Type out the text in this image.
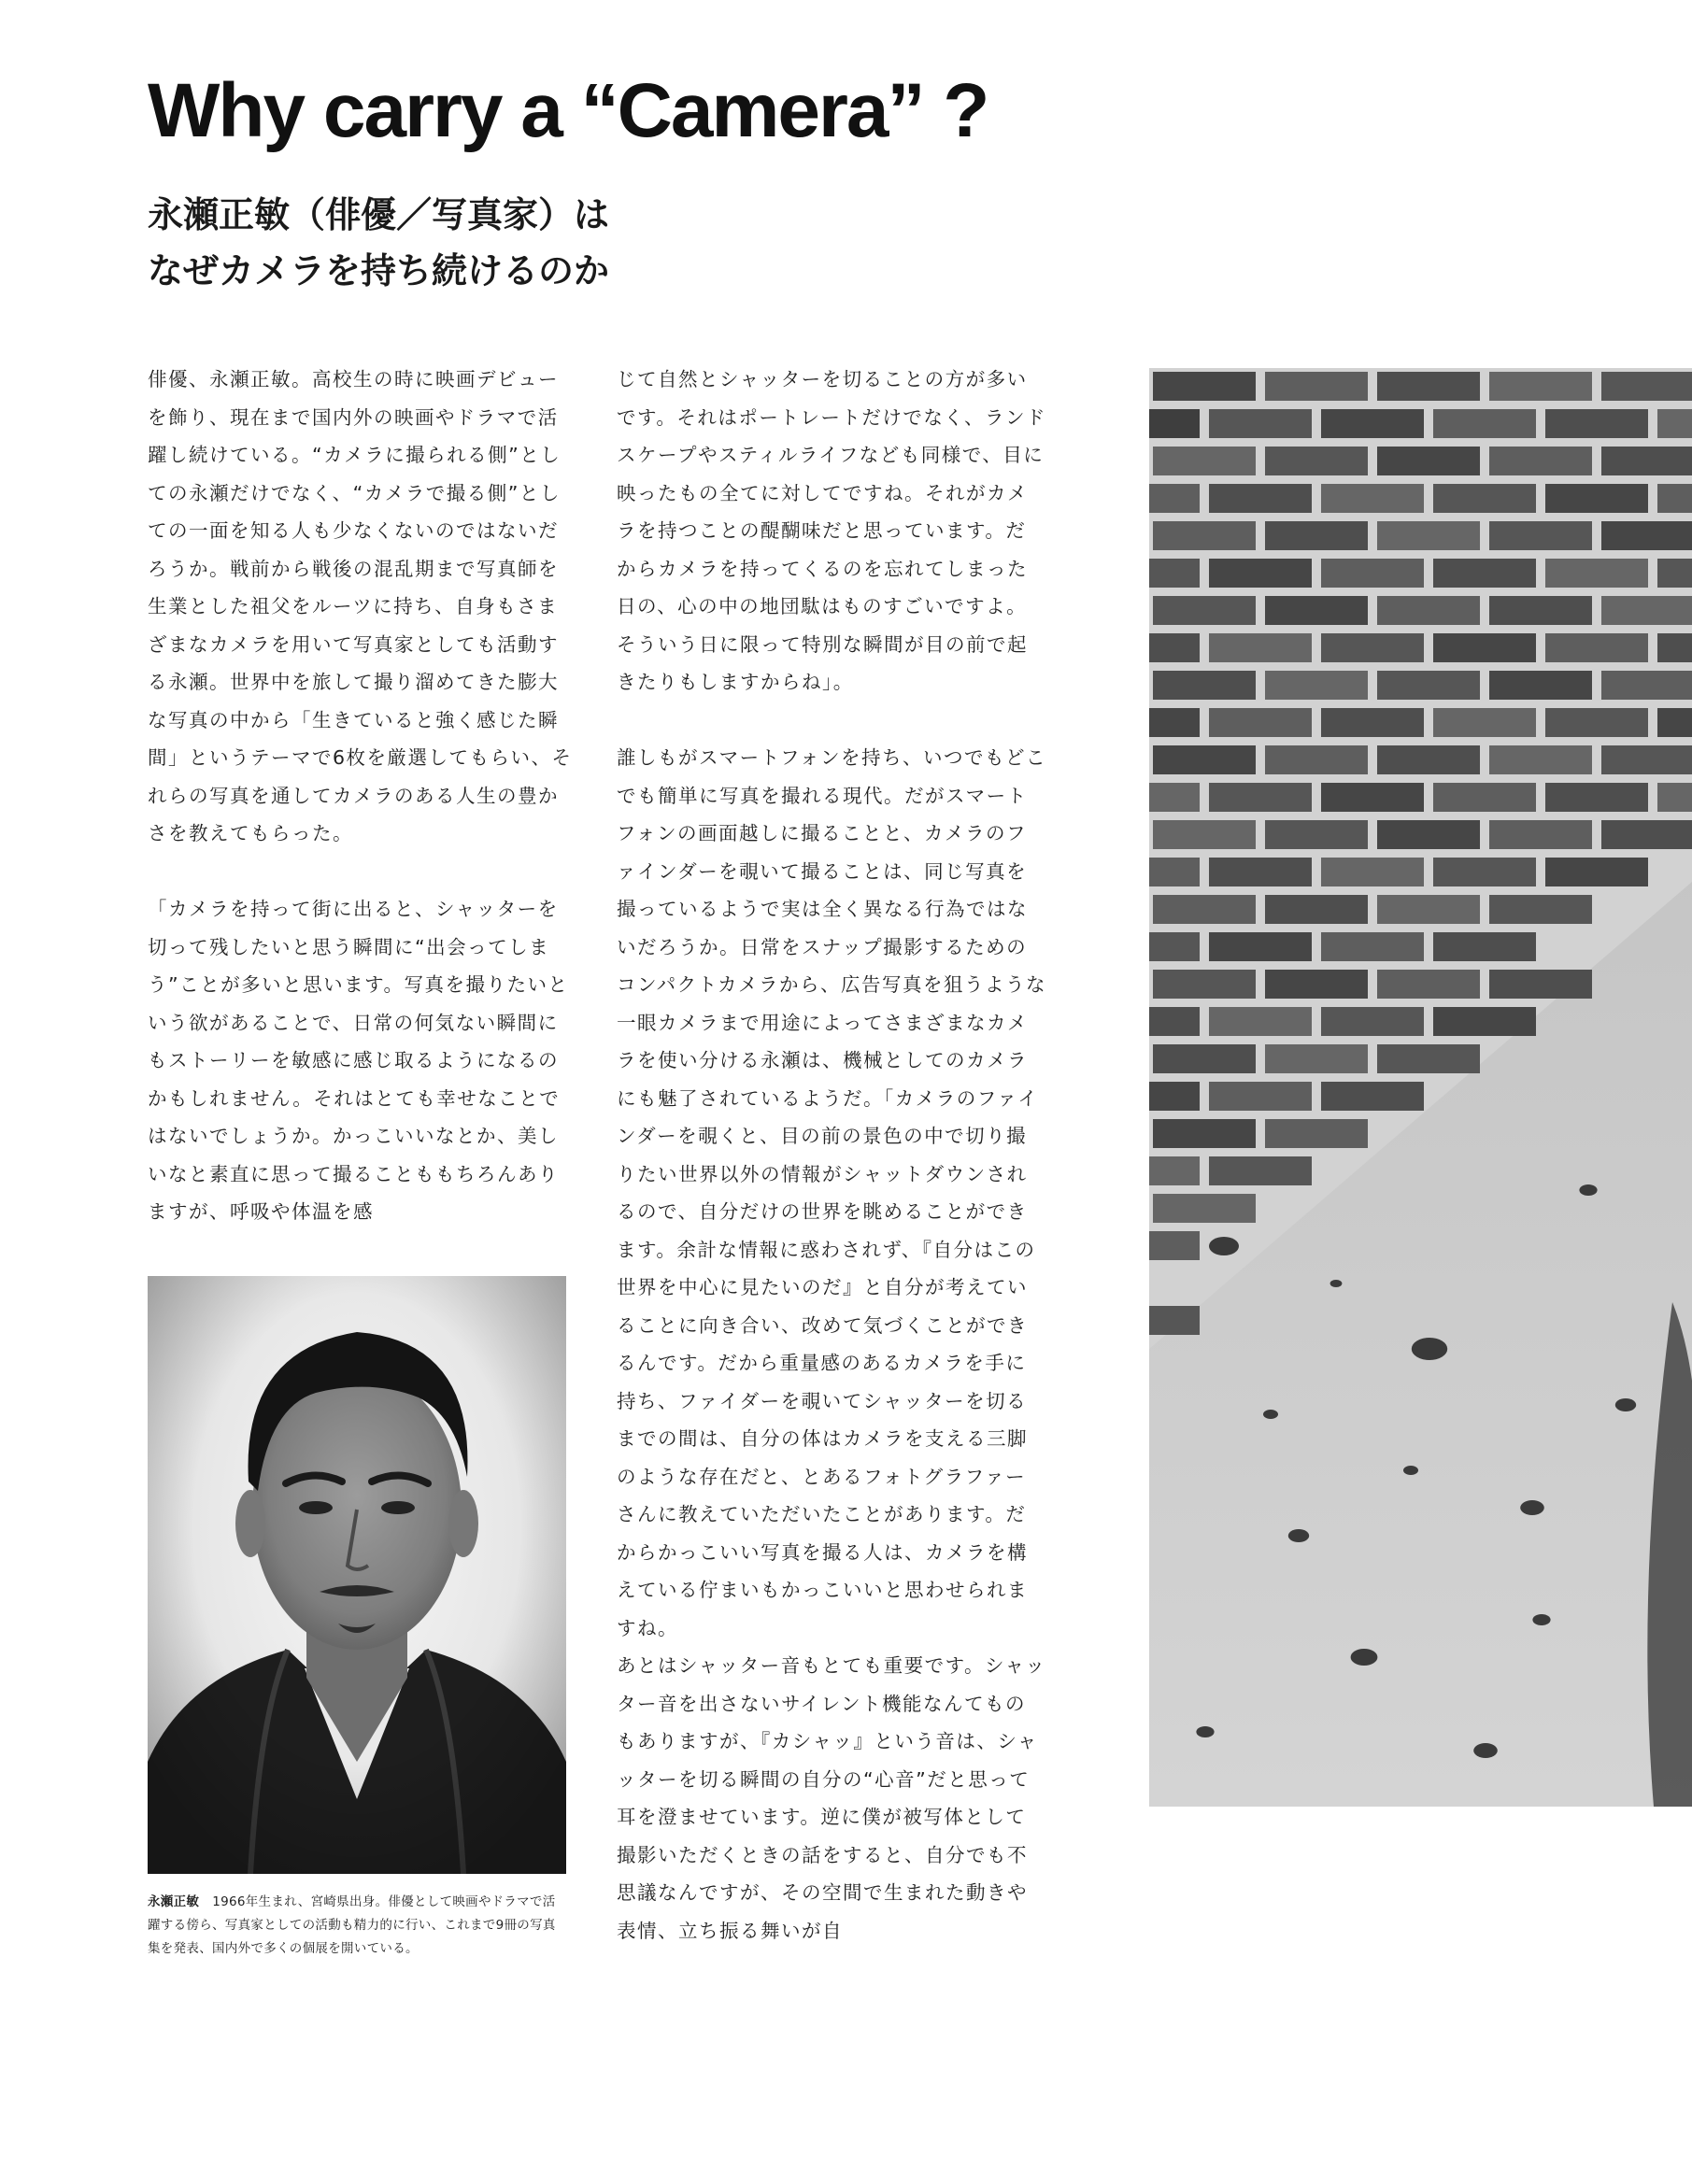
Why carry a “Camera” ?
永瀬正敏（俳優／写真家）は
なぜカメラを持ち続けるのか

俳優、永瀬正敏。高校生の時に映画デビューを飾り、現在まで国内外の映画やドラマで活躍し続けている。“カメラに撮られる側”としての永瀬だけでなく、“カメラで撮る側”としての一面を知る人も少なくないのではないだろうか。戦前から戦後の混乱期まで写真師を生業とした祖父をルーツに持ち、自身もさまざまなカメラを用いて写真家としても活動する永瀬。世界中を旅して撮り溜めてきた膨大な写真の中から「生きていると強く感じた瞬間」というテーマで6枚を厳選してもらい、それらの写真を通してカメラのある人生の豊かさを教えてもらった。

「カメラを持って街に出ると、シャッターを切って残したいと思う瞬間に“出会ってしまう”ことが多いと思います。写真を撮りたいという欲があることで、日常の何気ない瞬間にもストーリーを敏感に感じ取るようになるのかもしれません。それはとても幸せなことではないでしょうか。かっこいいなとか、美しいなと素直に思って撮ることももちろんありますが、呼吸や体温を感

じて自然とシャッターを切ることの方が多いです。それはポートレートだけでなく、ランドスケープやスティルライフなども同様で、目に映ったもの全てに対してですね。それがカメラを持つことの醍醐味だと思っています。だからカメラを持ってくるのを忘れてしまった日の、心の中の地団駄はものすごいですよ。そういう日に限って特別な瞬間が目の前で起きたりもしますからね」。

誰しもがスマートフォンを持ち、いつでもどこでも簡単に写真を撮れる現代。だがスマートフォンの画面越しに撮ることと、カメラのファインダーを覗いて撮ることは、同じ写真を撮っているようで実は全く異なる行為ではないだろうか。日常をスナップ撮影するためのコンパクトカメラから、広告写真を狙うような一眼カメラまで用途によってさまざまなカメラを使い分ける永瀬は、機械としてのカメラにも魅了されているようだ。「カメラのファインダーを覗くと、目の前の景色の中で切り撮りたい世界以外の情報がシャットダウンされるので、自分だけの世界を眺めることができます。余計な情報に惑わされず、『自分はこの世界を中心に見たいのだ』と自分が考えていることに向き合い、改めて気づくことができるんです。だから重量感のあるカメラを手に持ち、ファイダーを覗いてシャッターを切るまでの間は、自分の体はカメラを支える三脚のような存在だと、とあるフォトグラファーさんに教えていただいたことがあります。だからかっこいい写真を撮る人は、カメラを構えている佇まいもかっこいいと思わせられますね。

あとはシャッター音もとても重要です。シャッター音を出さないサイレント機能なんてものもありますが、『カシャッ』という音は、シャッターを切る瞬間の自分の“心音”だと思って耳を澄ませています。逆に僕が被写体として撮影いただくときの話をすると、自分でも不思議なんですが、その空間で生まれた動きや表情、立ち振る舞いが自

永瀬正敏 1966年生まれ、宮崎県出身。俳優として映画やドラマで活躍する傍ら、写真家としての活動も精力的に行い、これまで9冊の写真集を発表、国内外で多くの個展を開いている。
